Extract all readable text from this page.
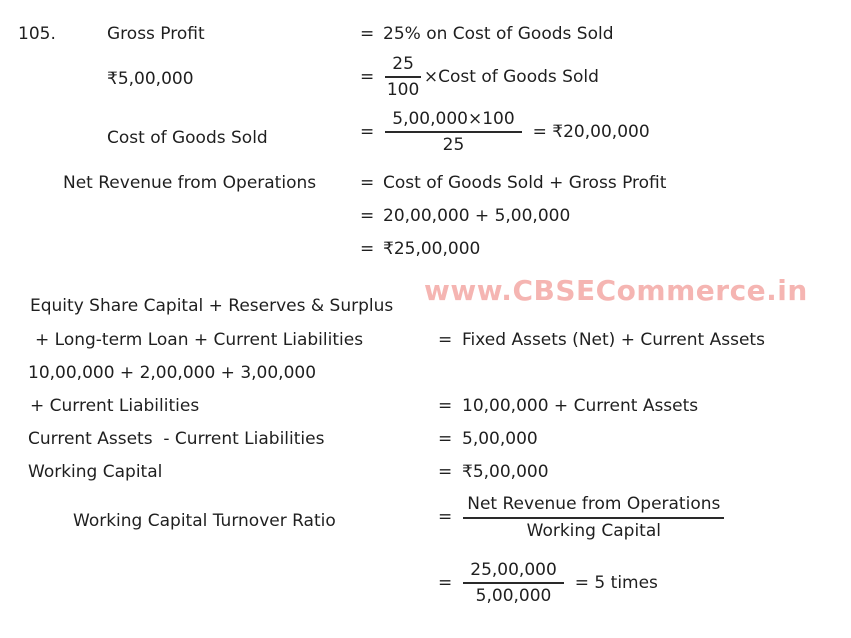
www.CBSECommerce.in
105.	Gross Profit	= 25% on Cost of Goods Sold
₹5,00,000	= $\frac{25}{100}$ ×Cost of Goods Sold
Cost of Goods Sold	= $\frac{5,00,000\times 100}{25}$ = ₹20,00,000
Net Revenue from Operations	= Cost of Goods Sold + Gross Profit
= 20,00,000 + 5,00,000
= ₹25,00,000
Equity Share Capital + Reserves & Surplus
+ Long-term Loan + Current Liabilities	= Fixed Assets (Net) + Current Assets
10,00,000 + 2,00,000 + 3,00,000
+ Current Liabilities	= 10,00,000 + Current Assets
Current Assets  - Current Liabilities	= 5,00,000
Working Capital	= ₹5,00,000
Working Capital Turnover Ratio	= $\frac{\text{Net Revenue from Operations}}{\text{Working Capital}}$
= $\frac{25,00,000}{5,00,000} = 5$ times
